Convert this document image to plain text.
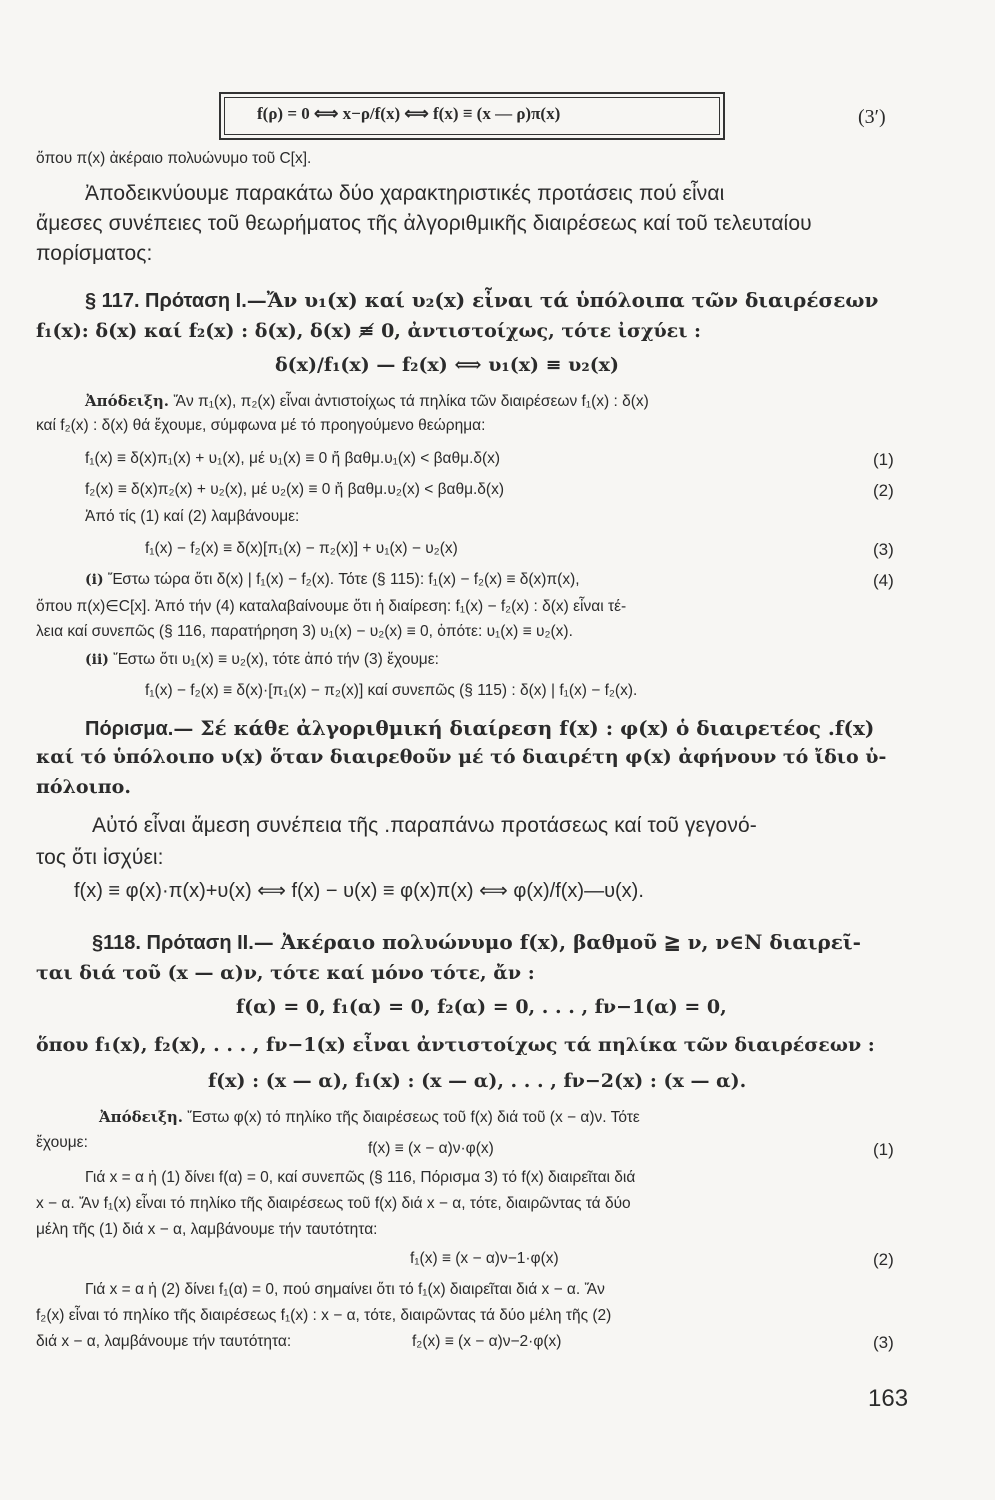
f(ρ) = 0 ⟺ x−ρ/f(x) ⟺ f(x) ≡ (x — ρ)π(x)	(3′)
ὅπου π(x) ἀκέραιο πολυώνυμο τοῦ C[x].
Ἀποδεικνύουμε παρακάτω δύο χαρακτηριστικές προτάσεις πού εἶναι
ἄμεσες συνέπειες τοῦ θεωρήματος τῆς ἀλγοριθμικῆς διαιρέσεως καί τοῦ τελευταίου
πορίσματος:
§ 117. Πρόταση I.—Ἄν υ₁(x) καί υ₂(x) εἶναι τά ὑπόλοιπα τῶν διαιρέσεων
f₁(x): δ(x) καί f₂(x) : δ(x), δ(x) ≢ 0, ἀντιστοίχως, τότε ἰσχύει :
δ(x)/f₁(x) — f₂(x) ⟺ υ₁(x) ≡ υ₂(x)
Ἀπόδειξη. Ἄν π₁(x), π₂(x) εἶναι ἀντιστοίχως τά πηλίκα τῶν διαιρέσεων f₁(x) : δ(x)
καί f₂(x) : δ(x) θά ἔχουμε, σύμφωνα μέ τό προηγούμενο θεώρημα:
f₁(x) ≡ δ(x)π₁(x) + υ₁(x), μέ υ₁(x) ≡ 0 ἤ βαθμ.υ₁(x) < βαθμ.δ(x)	(1)
f₂(x) ≡ δ(x)π₂(x) + υ₂(x), μέ υ₂(x) ≡ 0 ἤ βαθμ.υ₂(x) < βαθμ.δ(x)	(2)
Ἀπό τίς (1) καί (2) λαμβάνουμε:
f₁(x) − f₂(x) ≡ δ(x)[π₁(x) − π₂(x)] + υ₁(x) − υ₂(x)	(3)
(i) Ἔστω τώρα ὅτι δ(x) | f₁(x) − f₂(x). Τότε (§ 115): f₁(x) − f₂(x) ≡ δ(x)π(x),	(4)
ὅπου π(x)∈C[x]. Ἀπό τήν (4) καταλαβαίνουμε ὅτι ἡ διαίρεση: f₁(x) − f₂(x) : δ(x) εἶναι τέ-
λεια καί συνεπῶς (§ 116, παρατήρηση 3) υ₁(x) − υ₂(x) ≡ 0, ὁπότε: υ₁(x) ≡ υ₂(x).
(ii) Ἔστω ὅτι υ₁(x) ≡ υ₂(x), τότε ἀπό τήν (3) ἔχουμε:
f₁(x) − f₂(x) ≡ δ(x)·[π₁(x) − π₂(x)] καί συνεπῶς (§ 115) : δ(x) | f₁(x) − f₂(x).
Πόρισμα.— Σέ κάθε ἀλγοριθμική διαίρεση f(x) : φ(x) ὁ διαιρετέος .f(x)
καί τό ὑπόλοιπο υ(x) ὅταν διαιρεθοῦν μέ τό διαιρέτη φ(x) ἀφήνουν τό ἴδιο ὑ-
πόλοιπο.
Αὐτό εἶναι ἄμεση συνέπεια τῆς .παραπάνω προτάσεως καί τοῦ γεγονό-
τος ὅτι ἰσχύει:
f(x) ≡ φ(x)·π(x)+υ(x) ⟺ f(x) − υ(x) ≡ φ(x)π(x) ⟺ φ(x)/f(x)—υ(x).
§118. Πρόταση II.— Ἀκέραιο πολυώνυμο f(x), βαθμοῦ ≧ ν, ν∈N διαιρεῖ-
ται διά τοῦ (x — α)ν, τότε καί μόνο τότε, ἄν :
f(α) = 0, f₁(α) = 0, f₂(α) = 0, . . . , fν−1(α) = 0,
ὅπου f₁(x), f₂(x), . . . , fν−1(x) εἶναι ἀντιστοίχως τά πηλίκα τῶν διαιρέσεων :
f(x) : (x — α), f₁(x) : (x — α), . . . , fν−2(x) : (x — α).
Ἀπόδειξη. Ἔστω φ(x) τό πηλίκο τῆς διαιρέσεως τοῦ f(x) διά τοῦ (x − α)ν. Τότε
ἔχουμε:	f(x) ≡ (x − α)ν·φ(x)	(1)
Γιά x = α ἡ (1) δίνει f(α) = 0, καί συνεπῶς (§ 116, Πόρισμα 3) τό f(x) διαιρεῖται διά
x − α. Ἄν f₁(x) εἶναι τό πηλίκο τῆς διαιρέσεως τοῦ f(x) διά x − α, τότε, διαιρῶντας τά δύο
μέλη τῆς (1) διά x − α, λαμβάνουμε τήν ταυτότητα:
f₁(x) ≡ (x − α)ν−1·φ(x)	(2)
Γιά x = α ἡ (2) δίνει f₁(α) = 0, πού σημαίνει ὅτι τό f₁(x) διαιρεῖται διά x − α. Ἄν
f₂(x) εἶναι τό πηλίκο τῆς διαιρέσεως f₁(x) : x − α, τότε, διαιρῶντας τά δύο μέλη τῆς (2)
διά x − α, λαμβάνουμε τήν ταυτότητα:	f₂(x) ≡ (x − α)ν−2·φ(x)	(3)
163
